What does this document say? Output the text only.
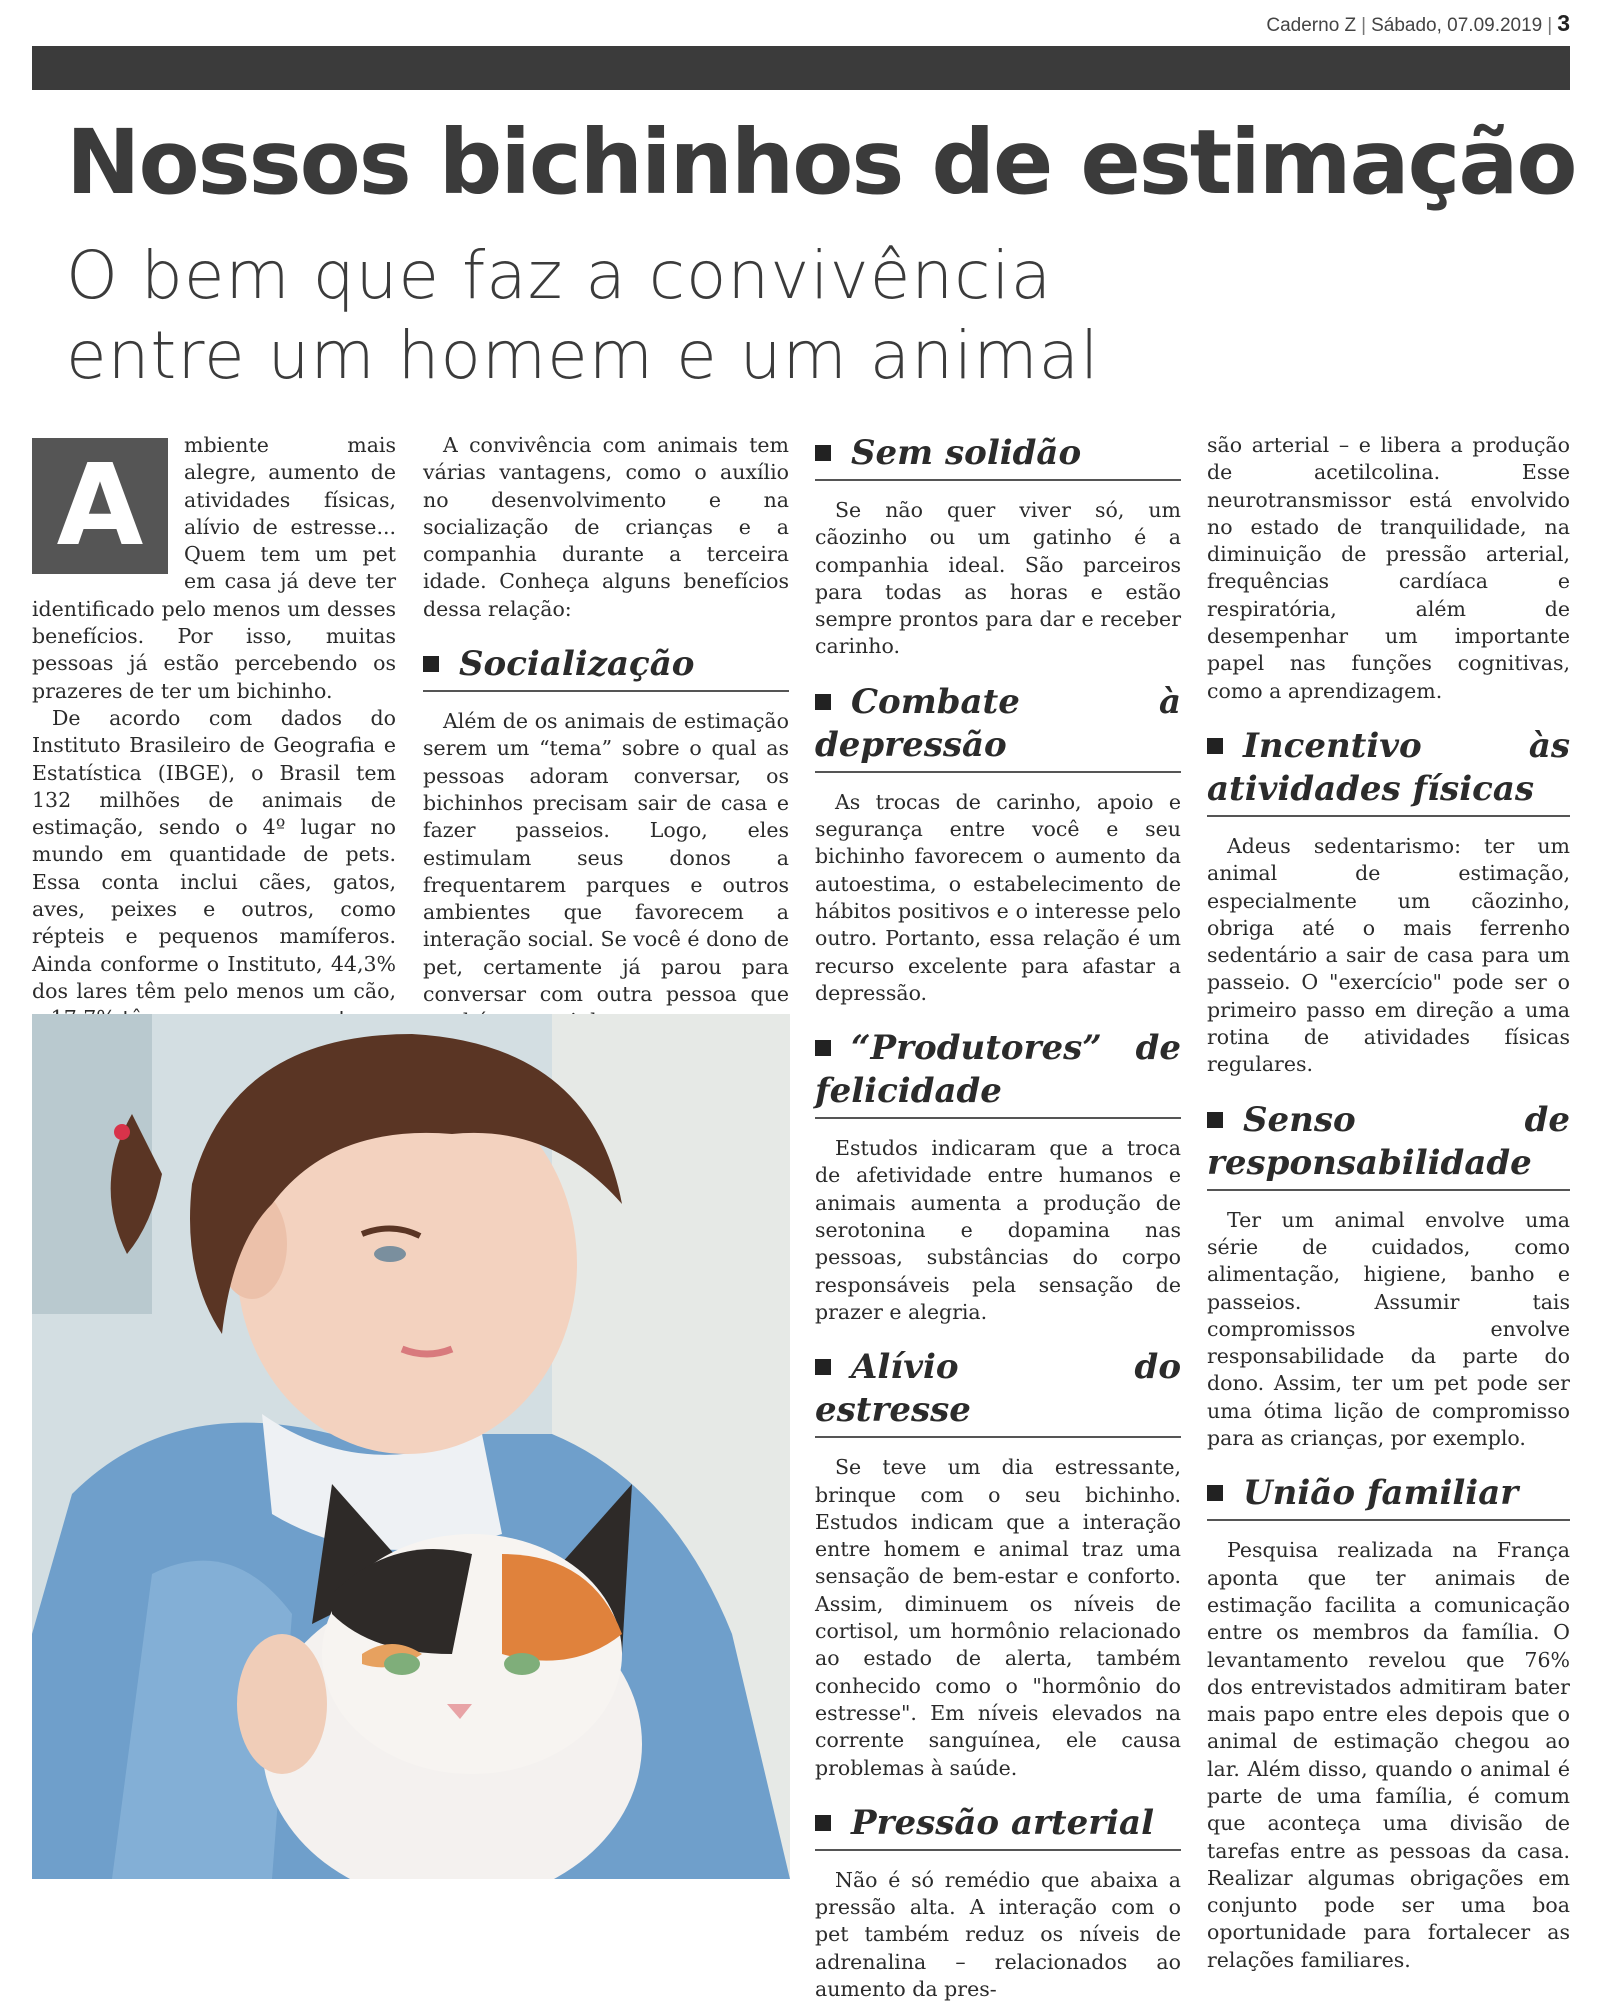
Caderno Z | Sábado, 07.09.2019 | 3
Nossos bichinhos de estimação
O bem que faz a convivência
entre um homem e um animal
A	mbiente mais alegre, aumento de atividades físicas, alívio de estresse... Quem tem um pet em casa já deve ter identificado pelo menos um desses benefícios. Por isso, muitas pessoas já estão percebendo os prazeres de ter um bichinho.

De acordo com dados do Instituto Brasileiro de Geografia e Estatística (IBGE), o Brasil tem 132 milhões de animais de estimação, sendo o 4º lugar no mundo em quantidade de pets. Essa conta inclui cães, gatos, aves, peixes e outros, como répteis e pequenos mamíferos. Ainda conforme o Instituto, 44,3% dos lares têm pelo menos um cão,

A convivência com animais tem várias vantagens, como o auxílio no desenvolvimento e na socialização de crianças e a companhia durante a terceira idade. Conheça alguns benefícios dessa relação:

Socialização

Além de os animais de estimação serem um “tema” sobre o qual as pessoas adoram conversar, os bichinhos precisam sair de casa e fazer passeios. Logo, eles estimulam seus donos a frequentarem parques e outros ambientes que favorecem a interação social. Se você é dono de pet, certamente já parou para conversar com outra pessoa que

Sem solidão

Se não quer viver só, um cãozinho ou um gatinho é a companhia ideal. São parceiros para todas as horas e estão sempre prontos para dar e receber carinho.

Combate à depressão

As trocas de carinho, apoio e segurança entre você e seu bichinho favorecem o aumento da autoestima, o estabelecimento de hábitos positivos e o interesse pelo outro. Portanto, essa relação é um recurso excelente para afastar a depressão.

“Produtores” de felicidade

Estudos indicaram que a troca de afetividade entre humanos e animais aumenta a produção de serotonina e dopamina nas pessoas, substâncias do corpo responsáveis pela sensação de prazer e alegria.

Alívio do estresse

Se teve um dia estressante, brinque com o seu bichinho. Estudos indicam que a interação entre homem e animal traz uma sensação de bem-estar e conforto. Assim, diminuem os níveis de cortisol, um hormônio relacionado ao estado de alerta, também conhecido como o "hormônio do estresse". Em níveis elevados na corrente sanguínea, ele causa problemas à saúde.

Pressão arterial

Não é só remédio que abaixa a pressão alta. A interação com o pet também reduz os níveis de adrenalina – relacionados ao aumento da pres-

são arterial – e libera a produção de acetilcolina. Esse neurotransmissor está envolvido no estado de tranquilidade, na diminuição de pressão arterial, frequências cardíaca e respiratória, além de desempenhar um importante papel nas funções cognitivas, como a aprendizagem.

Incentivo às atividades físicas

Adeus sedentarismo: ter um animal de estimação, especialmente um cãozinho, obriga até o mais ferrenho sedentário a sair de casa para um passeio. O "exercício" pode ser o primeiro passo em direção a uma rotina de atividades físicas regulares.

Senso de responsabilidade

Ter um animal envolve uma série de cuidados, como alimentação, higiene, banho e passeios. Assumir tais compromissos envolve responsabilidade da parte do dono. Assim, ter um pet pode ser uma ótima lição de compromisso para as crianças, por exemplo.

União familiar

Pesquisa realizada na França aponta que ter animais de estimação facilita a comunicação entre os membros da família. O levantamento revelou que 76% dos entrevistados admitiram bater mais papo entre eles depois que o animal de estimação chegou ao lar. Além disso, quando o animal é parte de uma família, é comum que aconteça uma divisão de tarefas entre as pessoas da casa. Realizar algumas obrigações em conjunto pode ser uma boa oportunidade para fortalecer as relações familiares.
